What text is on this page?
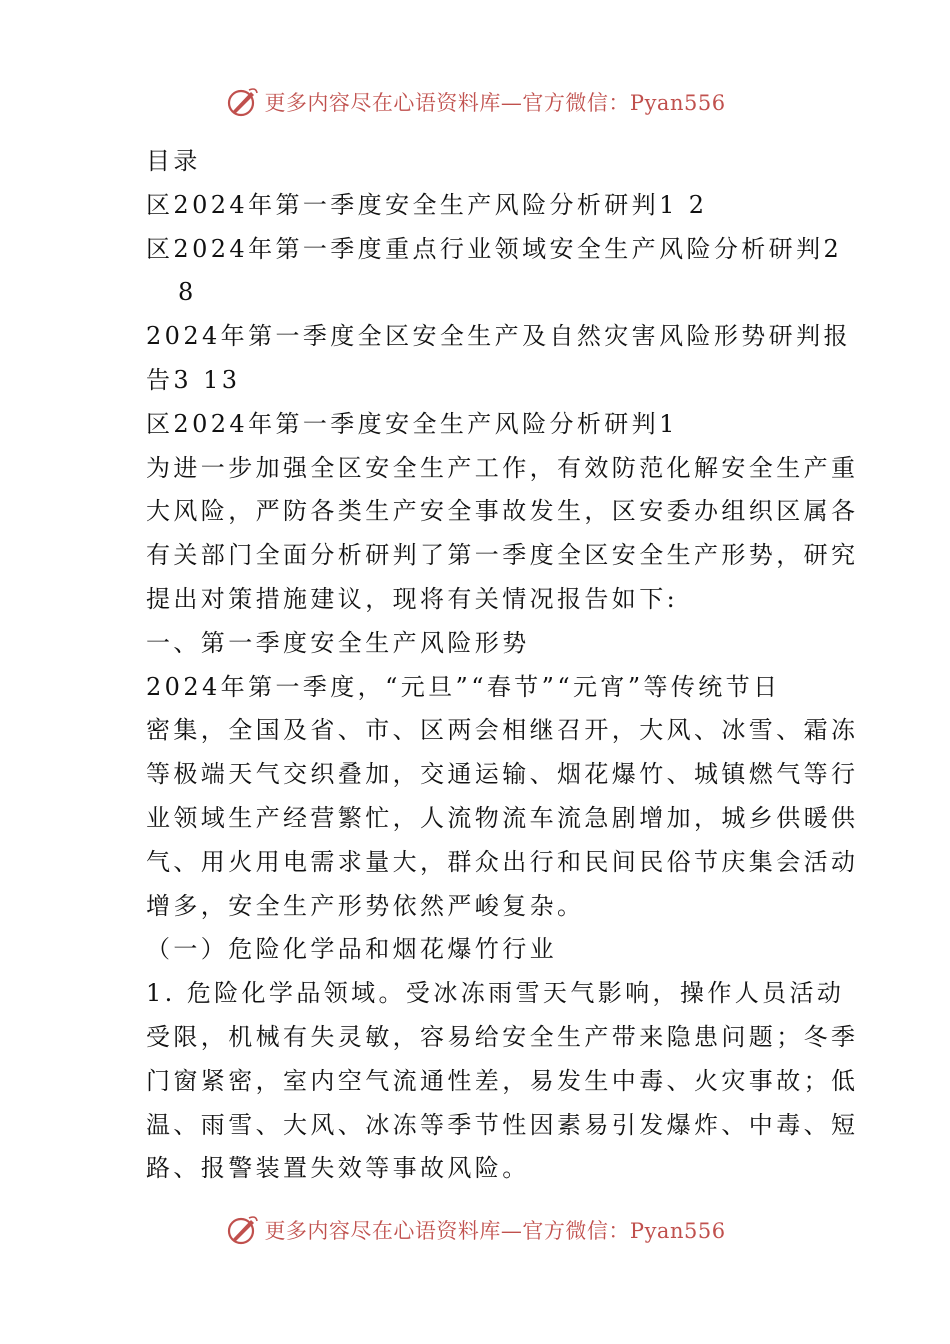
更多内容尽在心语资料库—官方微信：Pyan556
目录
区2024年第一季度安全生产风险分析研判1 2
区2024年第一季度重点行业领域安全生产风险分析研判2
8
2024年第一季度全区安全生产及自然灾害风险形势研判报
告3 13
区2024年第一季度安全生产风险分析研判1
为进一步加强全区安全生产工作，有效防范化解安全生产重
大风险，严防各类生产安全事故发生，区安委办组织区属各
有关部门全面分析研判了第一季度全区安全生产形势，研究
提出对策措施建议，现将有关情况报告如下:
一、第一季度安全生产风险形势
2024年第一季度，“元旦”“春节”“元宵”等传统节日
密集，全国及省、市、区两会相继召开，大风、冰雪、霜冻
等极端天气交织叠加，交通运输、烟花爆竹、城镇燃气等行
业领域生产经营繁忙，人流物流车流急剧增加，城乡供暖供
气、用火用电需求量大，群众出行和民间民俗节庆集会活动
增多，安全生产形势依然严峻复杂。
（一）危险化学品和烟花爆竹行业
1. 危险化学品领域。受冰冻雨雪天气影响，操作人员活动
受限，机械有失灵敏，容易给安全生产带来隐患问题；冬季
门窗紧密，室内空气流通性差，易发生中毒、火灾事故；低
温、雨雪、大风、冰冻等季节性因素易引发爆炸、中毒、短
路、报警装置失效等事故风险。
更多内容尽在心语资料库—官方微信：Pyan556
